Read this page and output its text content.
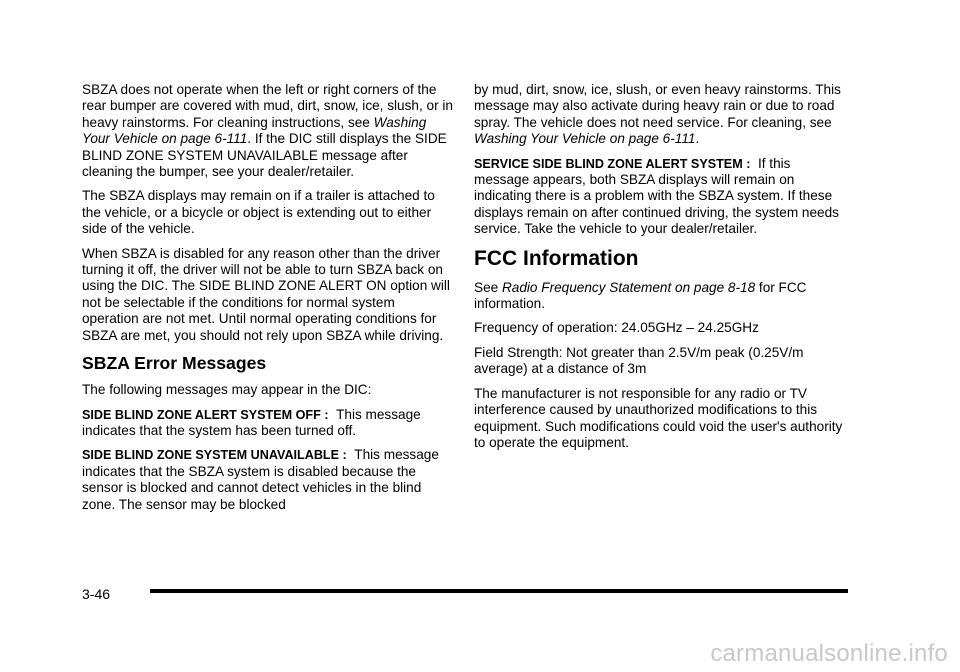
SBZA does not operate when the left or right corners of the rear bumper are covered with mud, dirt, snow, ice, slush, or in heavy rainstorms. For cleaning instructions, see Washing Your Vehicle on page 6-111. If the DIC still displays the SIDE BLIND ZONE SYSTEM UNAVAILABLE message after cleaning the bumper, see your dealer/retailer.

The SBZA displays may remain on if a trailer is attached to the vehicle, or a bicycle or object is extending out to either side of the vehicle.

When SBZA is disabled for any reason other than the driver turning it off, the driver will not be able to turn SBZA back on using the DIC. The SIDE BLIND ZONE ALERT ON option will not be selectable if the conditions for normal system operation are not met. Until normal operating conditions for SBZA are met, you should not rely upon SBZA while driving.

SBZA Error Messages

The following messages may appear in the DIC:

SIDE BLIND ZONE ALERT SYSTEM OFF : This message indicates that the system has been turned off.

SIDE BLIND ZONE SYSTEM UNAVAILABLE : This message indicates that the SBZA system is disabled because the sensor is blocked and cannot detect vehicles in the blind zone. The sensor may be blocked

by mud, dirt, snow, ice, slush, or even heavy rainstorms. This message may also activate during heavy rain or due to road spray. The vehicle does not need service. For cleaning, see Washing Your Vehicle on page 6-111.

SERVICE SIDE BLIND ZONE ALERT SYSTEM : If this message appears, both SBZA displays will remain on indicating there is a problem with the SBZA system. If these displays remain on after continued driving, the system needs service. Take the vehicle to your dealer/retailer.

FCC Information

See Radio Frequency Statement on page 8-18 for FCC information.

Frequency of operation: 24.05GHz – 24.25GHz

Field Strength: Not greater than 2.5V/m peak (0.25V/m average) at a distance of 3m

The manufacturer is not responsible for any radio or TV interference caused by unauthorized modifications to this equipment. Such modifications could void the user's authority to operate the equipment.

3-46
carmanualsonline.info
